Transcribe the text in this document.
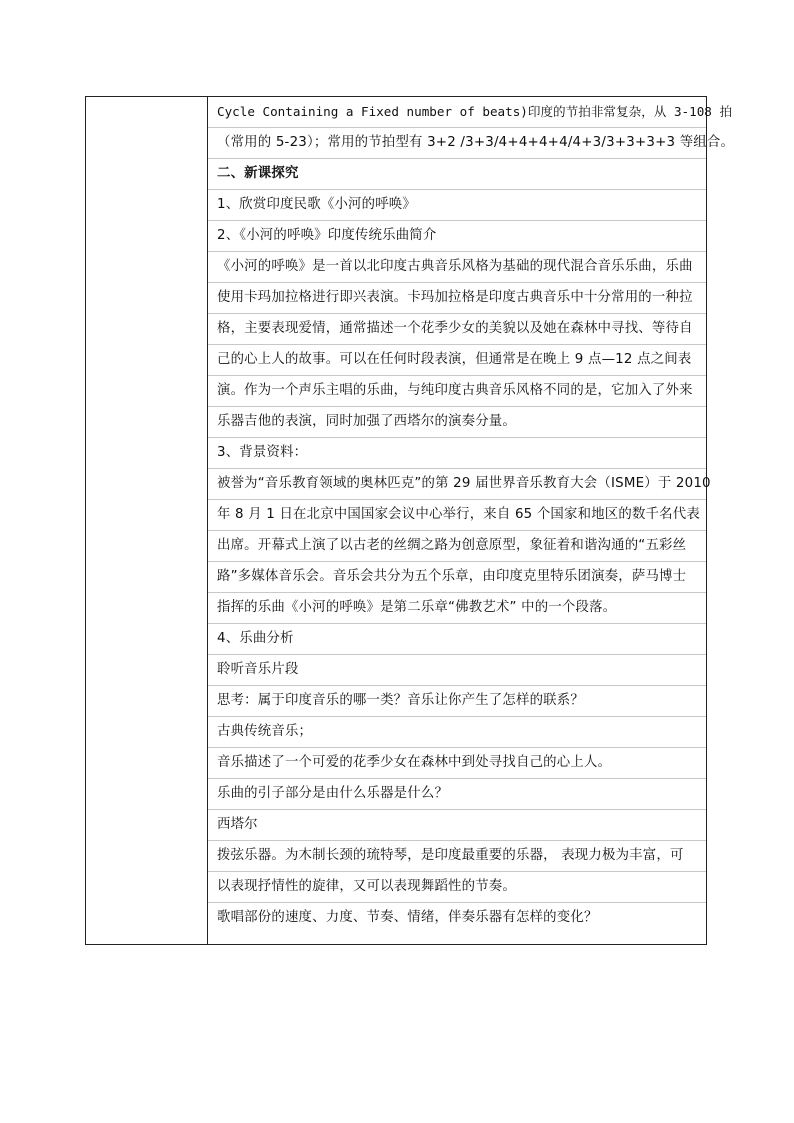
Cycle Containing a Fixed number of beats)印度的节拍非常复杂，从 3-108 拍
（常用的 5-23）；常用的节拍型有 3+2 /3+3/4+4+4+4/4+3/3+3+3+3 等组合。
二、新课探究
1、欣赏印度民歌《小河的呼唤》
2、《小河的呼唤》印度传统乐曲简介
《小河的呼唤》是一首以北印度古典音乐风格为基础的现代混合音乐乐曲，乐曲
使用卡玛加拉格进行即兴表演。卡玛加拉格是印度古典音乐中十分常用的一种拉
格，主要表现爱情，通常描述一个花季少女的美貌以及她在森林中寻找、等待自
己的心上人的故事。可以在任何时段表演，但通常是在晚上 9 点—12 点之间表
演。作为一个声乐主唱的乐曲，与纯印度古典音乐风格不同的是，它加入了外来
乐器吉他的表演，同时加强了西塔尔的演奏分量。
3、背景资料：
被誉为“音乐教育领域的奥林匹克”的第 29 届世界音乐教育大会（ISME）于 2010
年 8 月 1 日在北京中国国家会议中心举行，来自 65 个国家和地区的数千名代表
出席。开幕式上演了以古老的丝绸之路为创意原型，象征着和谐沟通的“五彩丝
路”多媒体音乐会。音乐会共分为五个乐章，由印度克里特乐团演奏，萨马博士
指挥的乐曲《小河的呼唤》是第二乐章“佛教艺术” 中的一个段落。
4、乐曲分析
聆听音乐片段
思考：属于印度音乐的哪一类？音乐让你产生了怎样的联系？
古典传统音乐；
音乐描述了一个可爱的花季少女在森林中到处寻找自己的心上人。
乐曲的引子部分是由什么乐器是什么？
西塔尔
拨弦乐器。为木制长颈的琉特琴，是印度最重要的乐器， 表现力极为丰富，可
以表现抒情性的旋律，又可以表现舞蹈性的节奏。
歌唱部份的速度、力度、节奏、情绪，伴奏乐器有怎样的变化？
